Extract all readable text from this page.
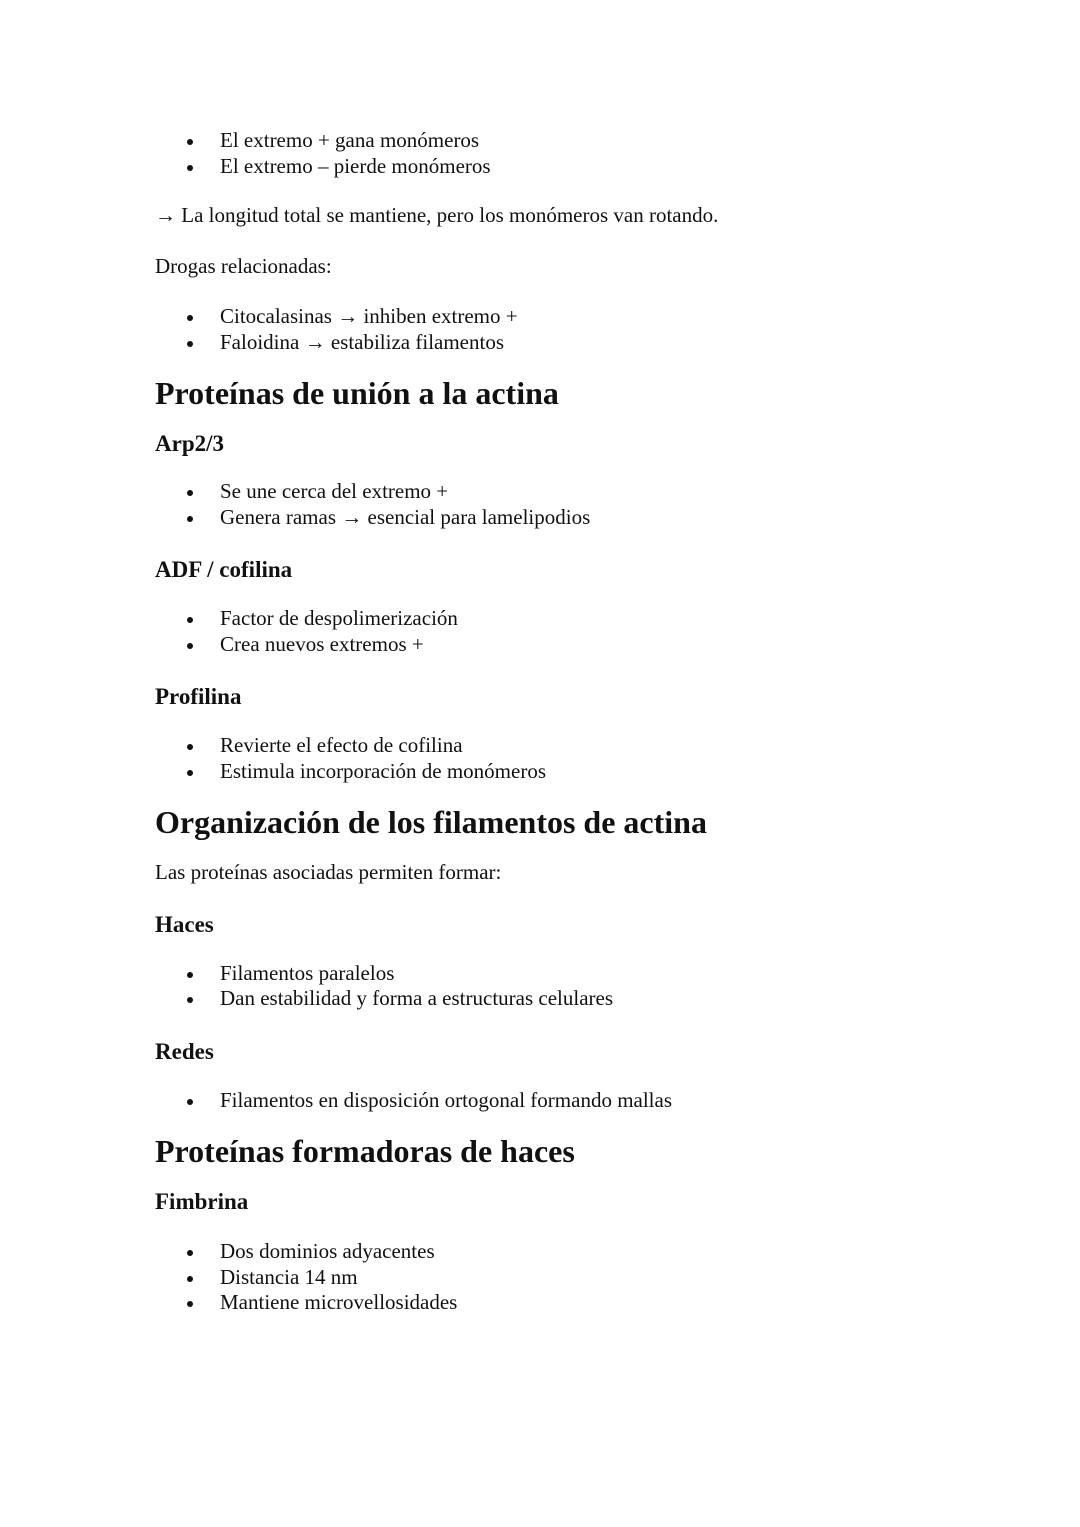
El extremo + gana monómeros
El extremo – pierde monómeros

→ La longitud total se mantiene, pero los monómeros van rotando.

Drogas relacionadas:

Citocalasinas → inhiben extremo +
Faloidina → estabiliza filamentos
Proteínas de unión a la actina
Arp2/3
Se une cerca del extremo +
Genera ramas → esencial para lamelipodios
ADF / cofilina
Factor de despolimerización
Crea nuevos extremos +
Profilina
Revierte el efecto de cofilina
Estimula incorporación de monómeros
Organización de los filamentos de actina

Las proteínas asociadas permiten formar:

Haces
Filamentos paralelos
Dan estabilidad y forma a estructuras celulares
Redes
Filamentos en disposición ortogonal formando mallas
Proteínas formadoras de haces
Fimbrina
Dos dominios adyacentes
Distancia 14 nm
Mantiene microvellosidades
